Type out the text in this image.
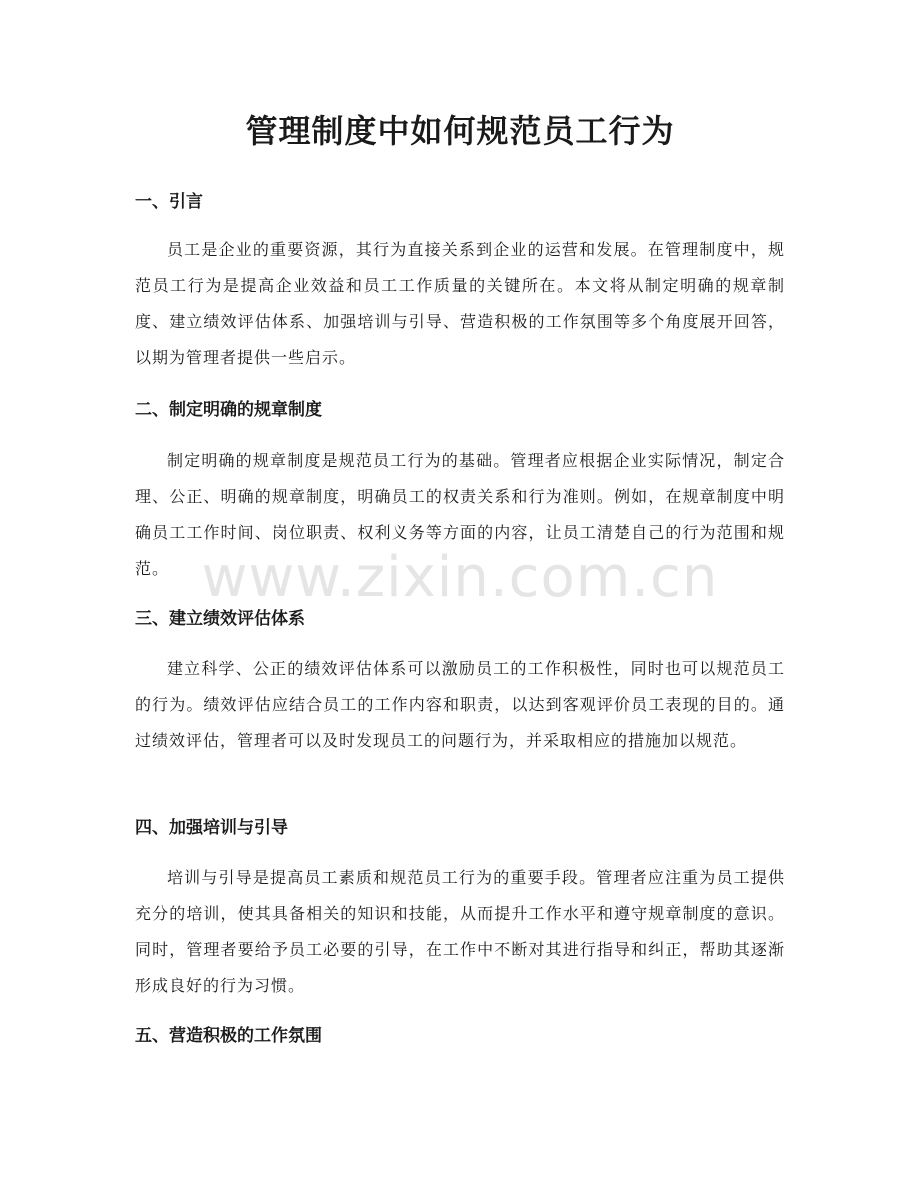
管理制度中如何规范员工行为
一、引言
员工是企业的重要资源，其行为直接关系到企业的运营和发展。在管理制度中，规范员工行为是提高企业效益和员工工作质量的关键所在。本文将从制定明确的规章制度、建立绩效评估体系、加强培训与引导、营造积极的工作氛围等多个角度展开回答，以期为管理者提供一些启示。
二、制定明确的规章制度
制定明确的规章制度是规范员工行为的基础。管理者应根据企业实际情况，制定合理、公正、明确的规章制度，明确员工的权责关系和行为准则。例如，在规章制度中明确员工工作时间、岗位职责、权利义务等方面的内容，让员工清楚自己的行为范围和规范。
三、建立绩效评估体系
建立科学、公正的绩效评估体系可以激励员工的工作积极性，同时也可以规范员工的行为。绩效评估应结合员工的工作内容和职责，以达到客观评价员工表现的目的。通过绩效评估，管理者可以及时发现员工的问题行为，并采取相应的措施加以规范。
四、加强培训与引导
培训与引导是提高员工素质和规范员工行为的重要手段。管理者应注重为员工提供充分的培训，使其具备相关的知识和技能，从而提升工作水平和遵守规章制度的意识。同时，管理者要给予员工必要的引导，在工作中不断对其进行指导和纠正，帮助其逐渐形成良好的行为习惯。
五、营造积极的工作氛围
www.zixin.com.cn
